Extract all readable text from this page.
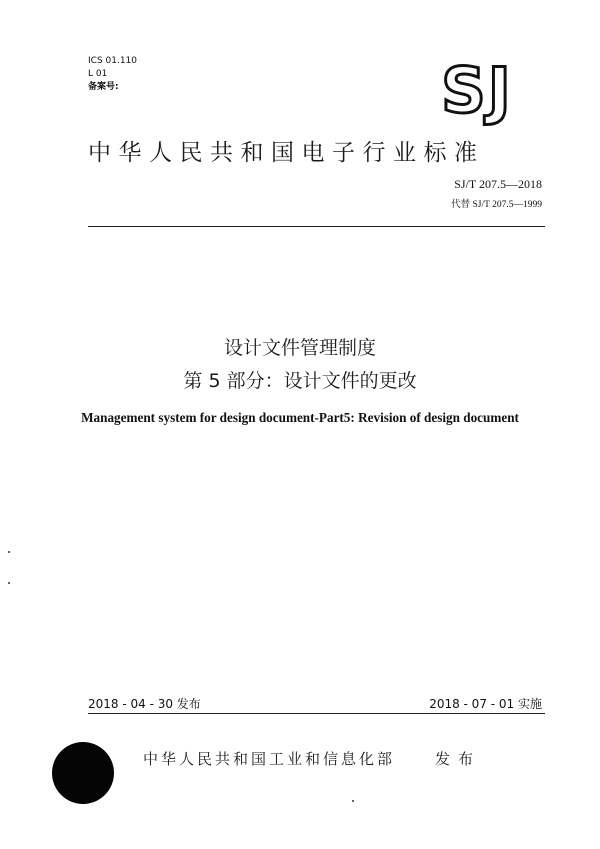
ICS 01.110
L 01
备案号:	SJ
中华人民共和国电子行业标准
SJ/T 207.5—2018
代替 SJ/T 207.5—1999
设计文件管理制度
第 5 部分：设计文件的更改
Management system for design document-Part5: Revision of design document
2018 - 04 - 30 发布	2018 - 07 - 01 实施
中华人民共和国工业和信息化部	发布
